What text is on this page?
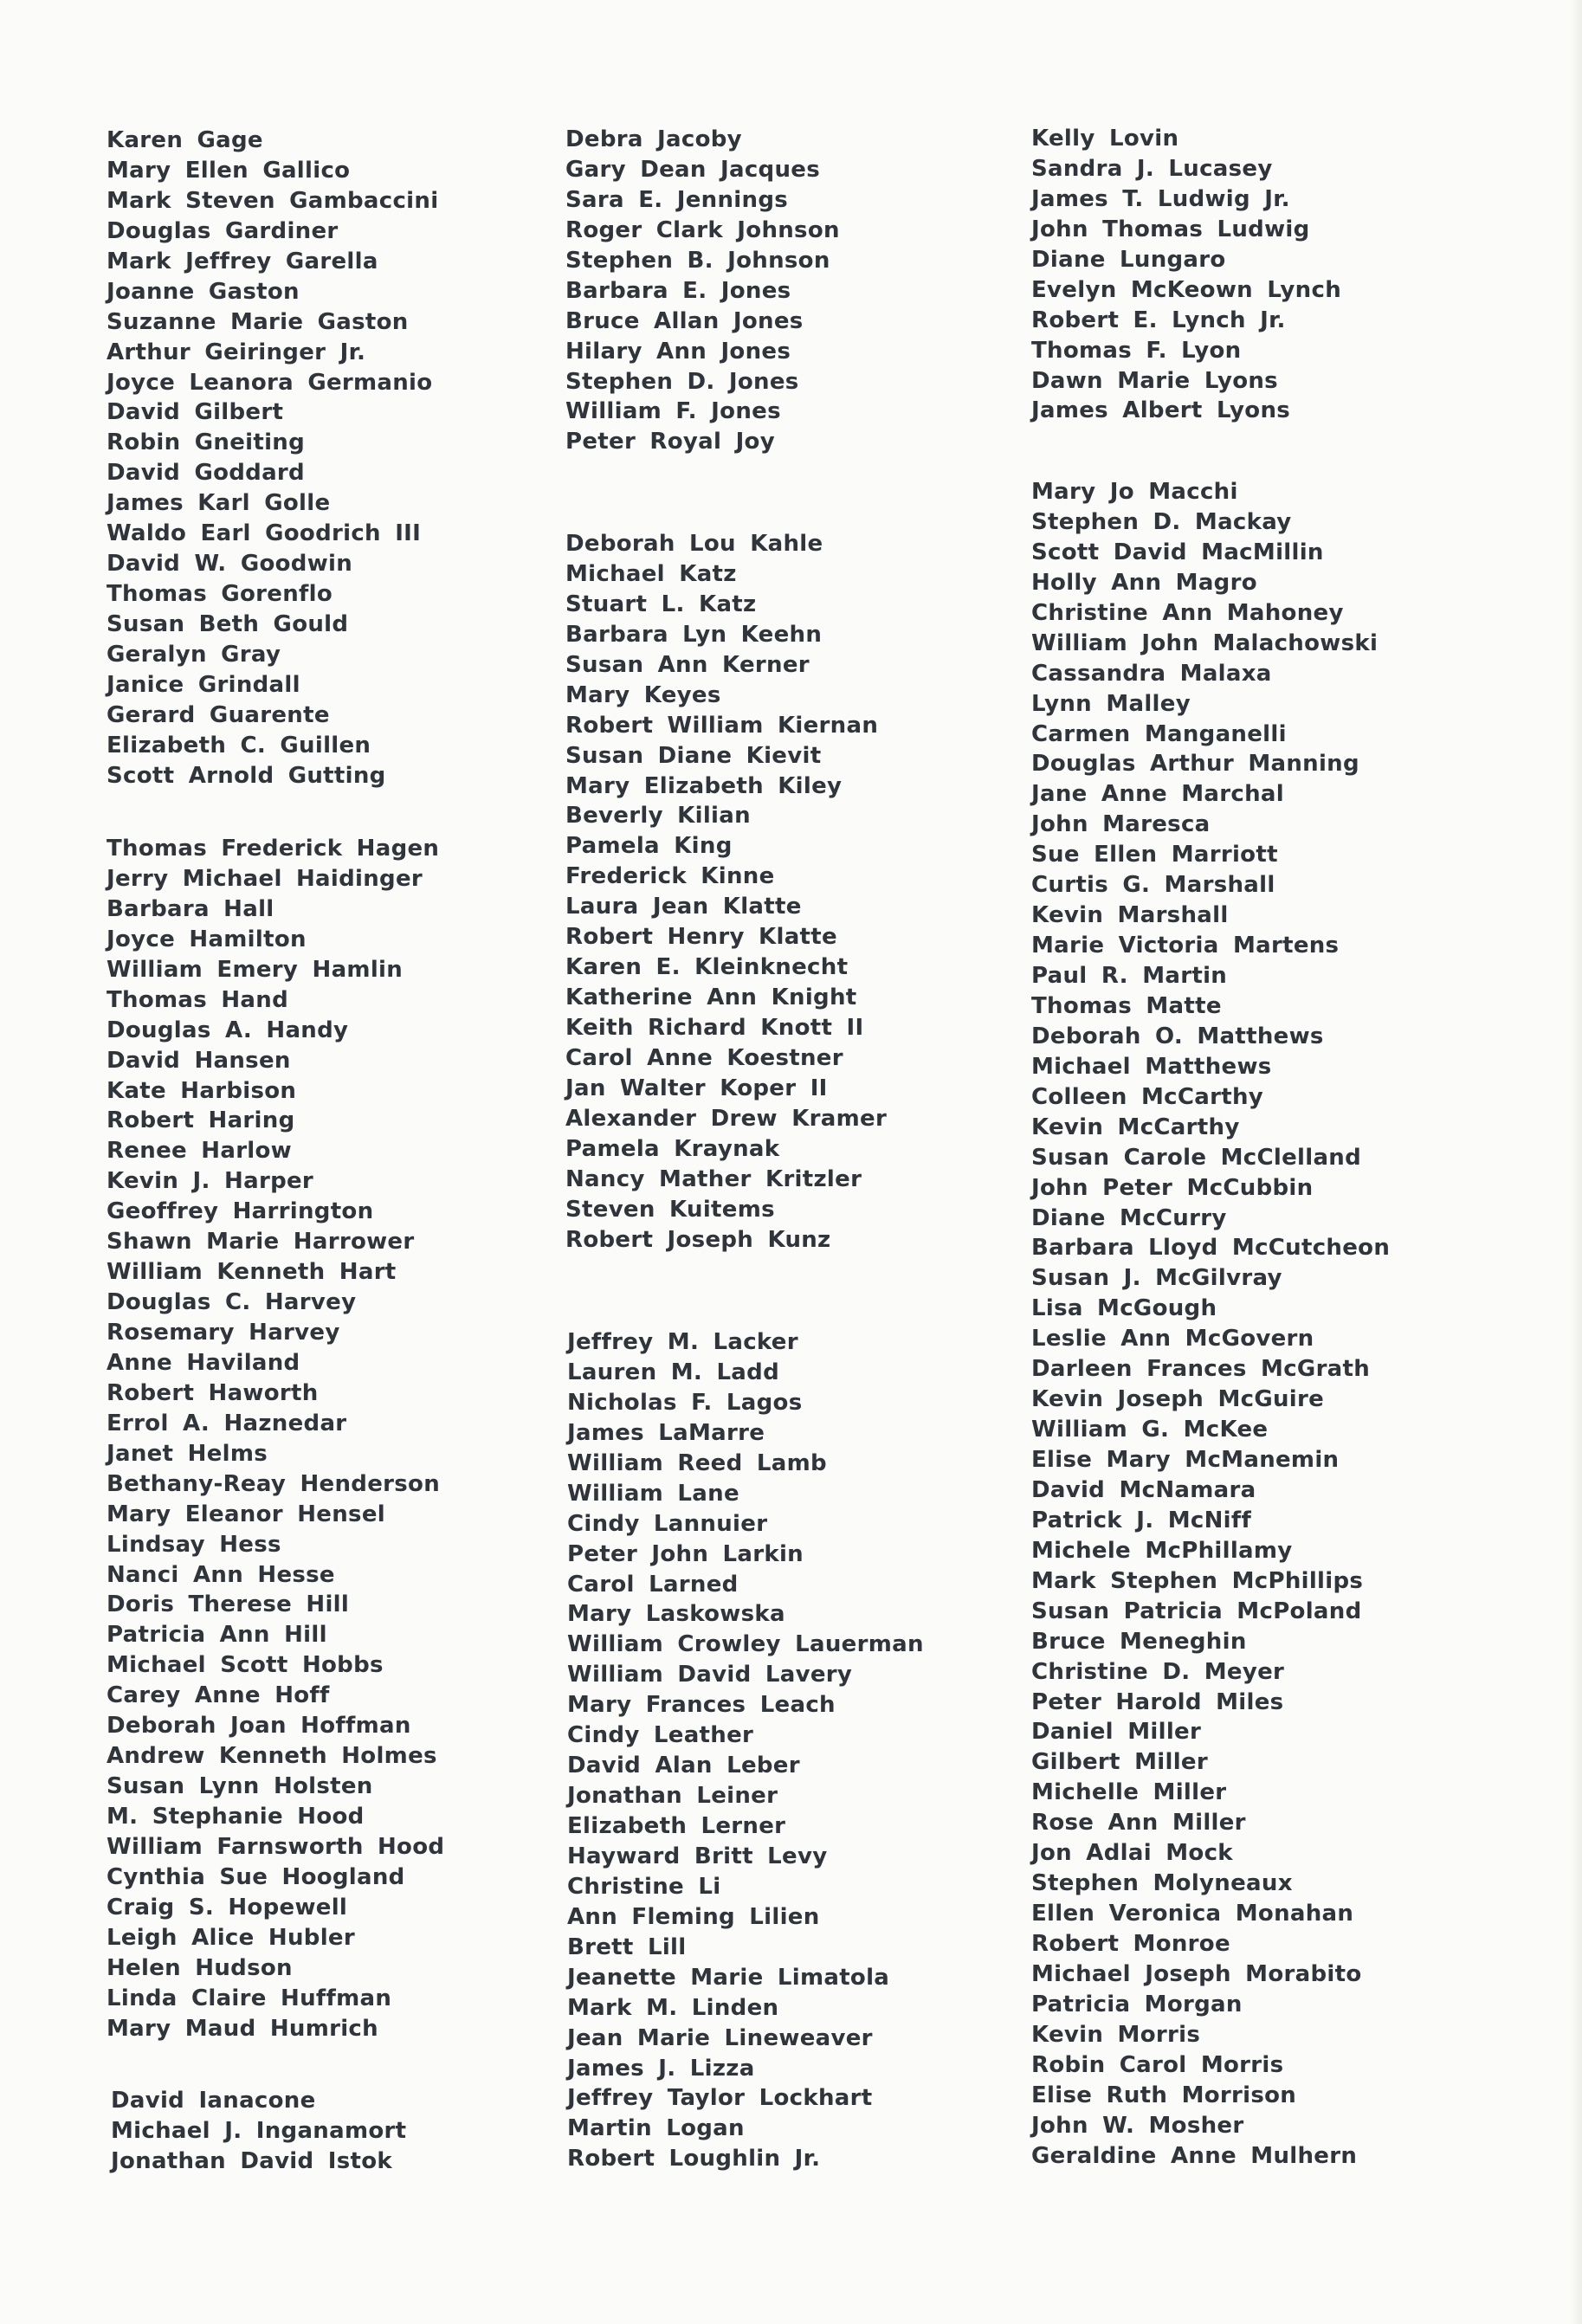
Karen Gage
Mary Ellen Gallico
Mark Steven Gambaccini
Douglas Gardiner
Mark Jeffrey Garella
Joanne Gaston
Suzanne Marie Gaston
Arthur Geiringer Jr.
Joyce Leanora Germanio
David Gilbert
Robin Gneiting
David Goddard
James Karl Golle
Waldo Earl Goodrich III
David W. Goodwin
Thomas Gorenflo
Susan Beth Gould
Geralyn Gray
Janice Grindall
Gerard Guarente
Elizabeth C. Guillen
Scott Arnold Gutting
Thomas Frederick Hagen
Jerry Michael Haidinger
Barbara Hall
Joyce Hamilton
William Emery Hamlin
Thomas Hand
Douglas A. Handy
David Hansen
Kate Harbison
Robert Haring
Renee Harlow
Kevin J. Harper
Geoffrey Harrington
Shawn Marie Harrower
William Kenneth Hart
Douglas C. Harvey
Rosemary Harvey
Anne Haviland
Robert Haworth
Errol A. Haznedar
Janet Helms
Bethany-Reay Henderson
Mary Eleanor Hensel
Lindsay Hess
Nanci Ann Hesse
Doris Therese Hill
Patricia Ann Hill
Michael Scott Hobbs
Carey Anne Hoff
Deborah Joan Hoffman
Andrew Kenneth Holmes
Susan Lynn Holsten
M. Stephanie Hood
William Farnsworth Hood
Cynthia Sue Hoogland
Craig S. Hopewell
Leigh Alice Hubler
Helen Hudson
Linda Claire Huffman
Mary Maud Humrich
David Ianacone
Michael J. Inganamort
Jonathan David Istok
Debra Jacoby
Gary Dean Jacques
Sara E. Jennings
Roger Clark Johnson
Stephen B. Johnson
Barbara E. Jones
Bruce Allan Jones
Hilary Ann Jones
Stephen D. Jones
William F. Jones
Peter Royal Joy
Deborah Lou Kahle
Michael Katz
Stuart L. Katz
Barbara Lyn Keehn
Susan Ann Kerner
Mary Keyes
Robert William Kiernan
Susan Diane Kievit
Mary Elizabeth Kiley
Beverly Kilian
Pamela King
Frederick Kinne
Laura Jean Klatte
Robert Henry Klatte
Karen E. Kleinknecht
Katherine Ann Knight
Keith Richard Knott II
Carol Anne Koestner
Jan Walter Koper II
Alexander Drew Kramer
Pamela Kraynak
Nancy Mather Kritzler
Steven Kuitems
Robert Joseph Kunz
Jeffrey M. Lacker
Lauren M. Ladd
Nicholas F. Lagos
James LaMarre
William Reed Lamb
William Lane
Cindy Lannuier
Peter John Larkin
Carol Larned
Mary Laskowska
William Crowley Lauerman
William David Lavery
Mary Frances Leach
Cindy Leather
David Alan Leber
Jonathan Leiner
Elizabeth Lerner
Hayward Britt Levy
Christine Li
Ann Fleming Lilien
Brett Lill
Jeanette Marie Limatola
Mark M. Linden
Jean Marie Lineweaver
James J. Lizza
Jeffrey Taylor Lockhart
Martin Logan
Robert Loughlin Jr.
Kelly Lovin
Sandra J. Lucasey
James T. Ludwig Jr.
John Thomas Ludwig
Diane Lungaro
Evelyn McKeown Lynch
Robert E. Lynch Jr.
Thomas F. Lyon
Dawn Marie Lyons
James Albert Lyons
Mary Jo Macchi
Stephen D. Mackay
Scott David MacMillin
Holly Ann Magro
Christine Ann Mahoney
William John Malachowski
Cassandra Malaxa
Lynn Malley
Carmen Manganelli
Douglas Arthur Manning
Jane Anne Marchal
John Maresca
Sue Ellen Marriott
Curtis G. Marshall
Kevin Marshall
Marie Victoria Martens
Paul R. Martin
Thomas Matte
Deborah O. Matthews
Michael Matthews
Colleen McCarthy
Kevin McCarthy
Susan Carole McClelland
John Peter McCubbin
Diane McCurry
Barbara Lloyd McCutcheon
Susan J. McGilvray
Lisa McGough
Leslie Ann McGovern
Darleen Frances McGrath
Kevin Joseph McGuire
William G. McKee
Elise Mary McManemin
David McNamara
Patrick J. McNiff
Michele McPhillamy
Mark Stephen McPhillips
Susan Patricia McPoland
Bruce Meneghin
Christine D. Meyer
Peter Harold Miles
Daniel Miller
Gilbert Miller
Michelle Miller
Rose Ann Miller
Jon Adlai Mock
Stephen Molyneaux
Ellen Veronica Monahan
Robert Monroe
Michael Joseph Morabito
Patricia Morgan
Kevin Morris
Robin Carol Morris
Elise Ruth Morrison
John W. Mosher
Geraldine Anne Mulhern
